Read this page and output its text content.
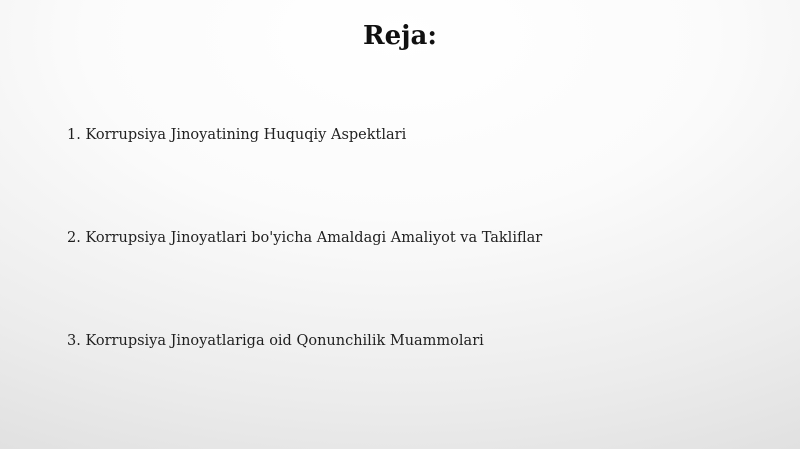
Reja:
1. Korrupsiya Jinoyatining Huquqiy Aspektlari
2. Korrupsiya Jinoyatlari bo'yicha Amaldagi Amaliyot va Takliflar
3. Korrupsiya Jinoyatlariga oid Qonunchilik Muammolari
